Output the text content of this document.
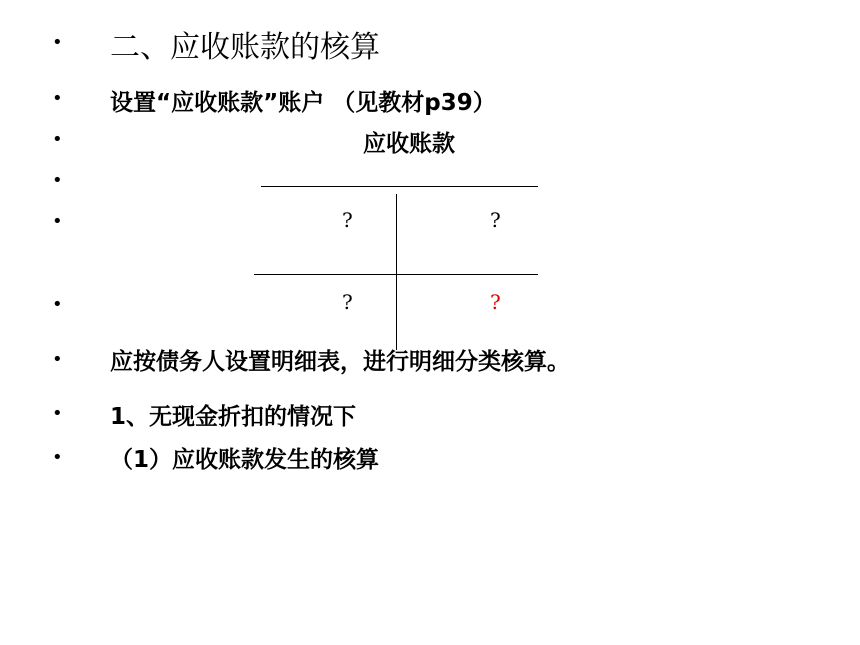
•
•
•
•
•
•
•
•
•
二、应收账款的核算
设置“应收账款”账户 （见教材p39）
应收账款
?	?
?	?
应按债务人设置明细表，进行明细分类核算。
1、无现金折扣的情况下
（1）应收账款发生的核算
